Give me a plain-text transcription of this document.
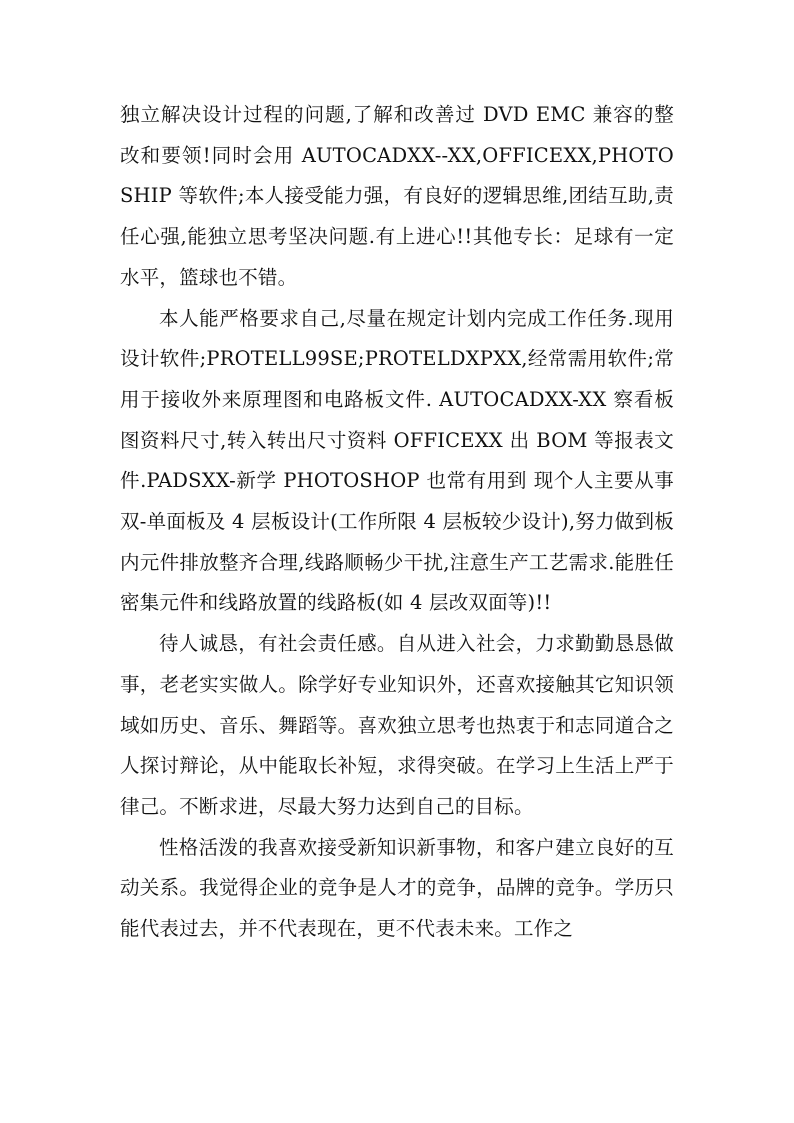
独立解决设计过程的问题,了解和改善过 DVD EMC 兼容的整改和要领!同时会用 AUTOCADXX--XX,OFFICEXX,PHOTOSHIP 等软件;本人接受能力强，有良好的逻辑思维,团结互助,责任心强,能独立思考坚决问题.有上进心!!其他专长：足球有一定水平，篮球也不错。

本人能严格要求自己,尽量在规定计划内完成工作任务.现用设计软件;PROTELL99SE;PROTELDXPXX,经常需用软件;常用于接收外来原理图和电路板文件. AUTOCADXX-XX 察看板图资料尺寸,转入转出尺寸资料 OFFICEXX 出 BOM 等报表文件.PADSXX-新学 PHOTOSHOP 也常有用到 现个人主要从事双-单面板及 4 层板设计(工作所限 4 层板较少设计),努力做到板内元件排放整齐合理,线路顺畅少干扰,注意生产工艺需求.能胜任密集元件和线路放置的线路板(如 4 层改双面等)!!

待人诚恳，有社会责任感。自从进入社会，力求勤勤恳恳做事，老老实实做人。除学好专业知识外，还喜欢接触其它知识领域如历史、音乐、舞蹈等。喜欢独立思考也热衷于和志同道合之人探讨辩论，从中能取长补短，求得突破。在学习上生活上严于律己。不断求进，尽最大努力达到自己的目标。

性格活泼的我喜欢接受新知识新事物，和客户建立良好的互动关系。我觉得企业的竞争是人才的竞争，品牌的竞争。学历只能代表过去，并不代表现在，更不代表未来。工作之
